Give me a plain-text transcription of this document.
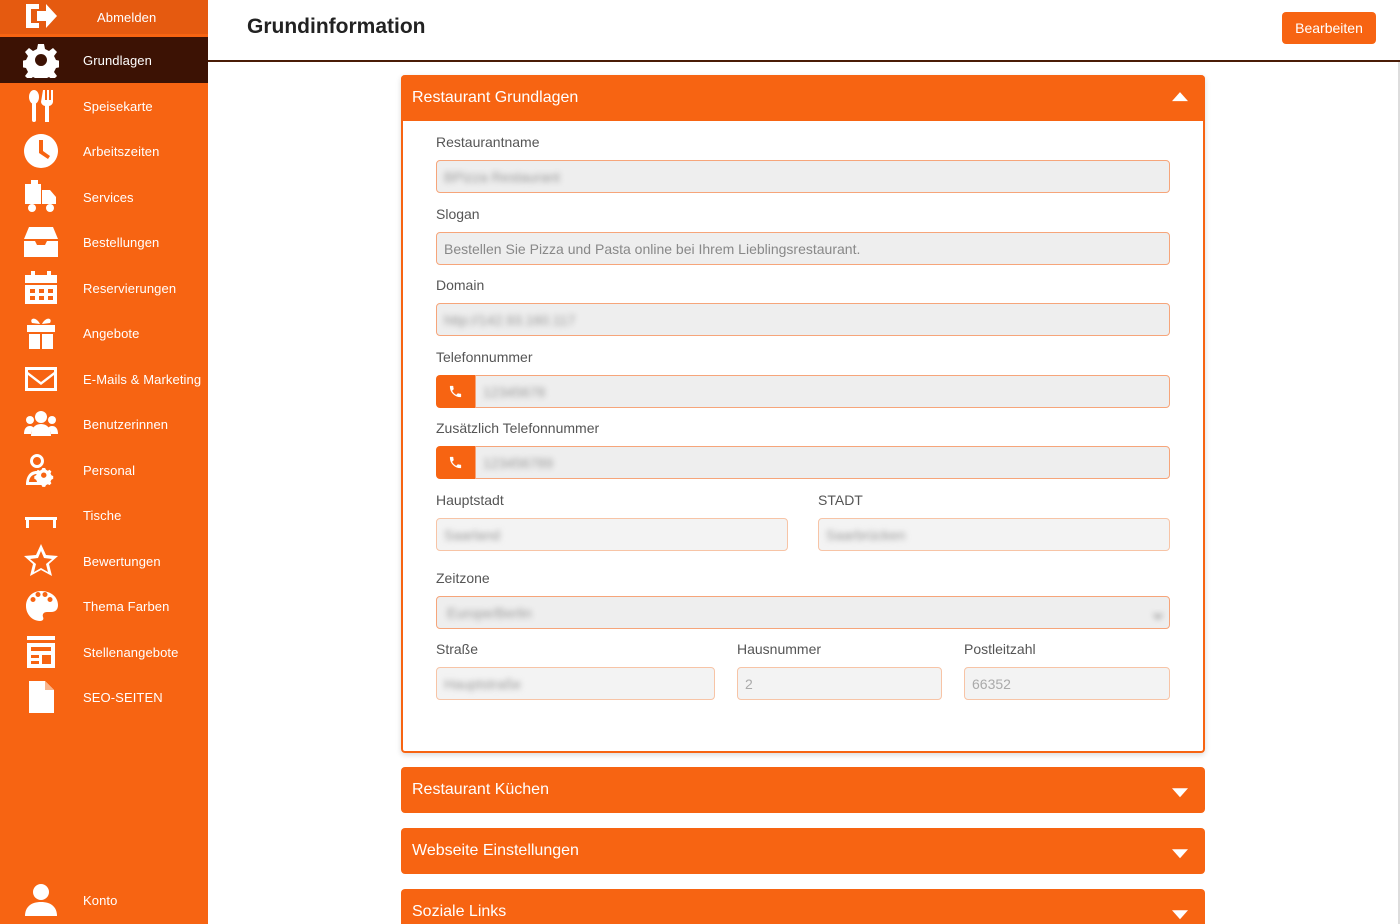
Abmelden
Grundlagen
Speisekarte
Arbeitszeiten
Services
Bestellungen
Reservierungen
Angebote
E-Mails & Marketing
Benutzerinnen
Personal
Tische
Bewertungen
Thema Farben
Stellenangebote
SEO-SEITEN
Konto
Grundinformation	Bearbeiten
Restaurant Grundlagen
Restaurantname
BPizza Restaurant
Slogan
Bestellen Sie Pizza und Pasta online bei Ihrem Lieblingsrestaurant.
Domain
http://142.93.160.117
Telefonnummer
12345678
Zusätzlich Telefonnummer
123456789
Hauptstadt
Saarland
STADT
Saarbrücken
Zeitzone
Europe/Berlin
Straße
Hauptstraße
Hausnummer
2
Postleitzahl
66352
Restaurant Küchen
Webseite Einstellungen
Soziale Links
